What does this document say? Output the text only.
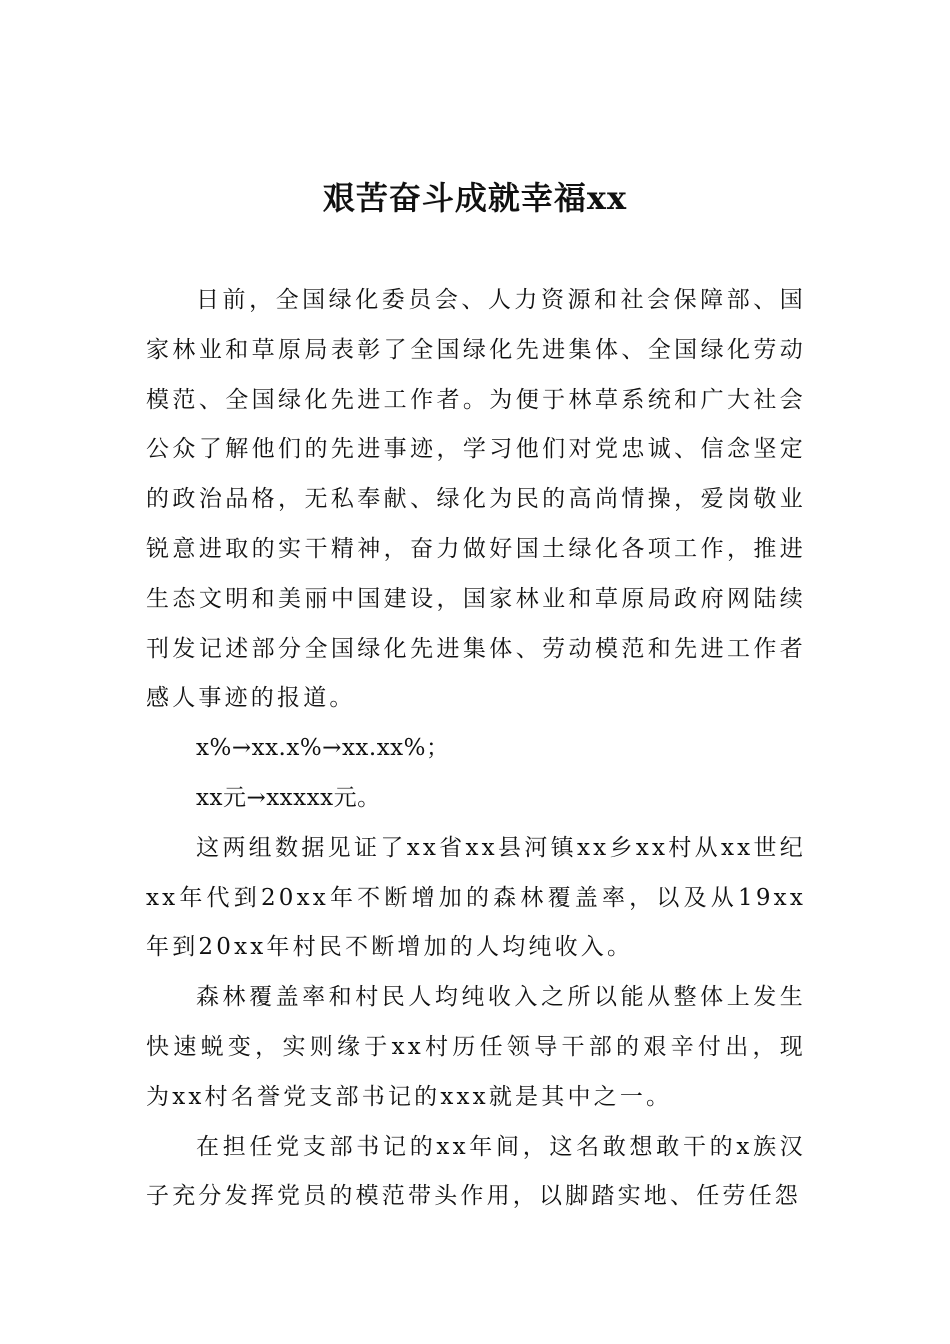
艰苦奋斗成就幸福xx

日前，全国绿化委员会、人力资源和社会保障部、国家林业和草原局表彰了全国绿化先进集体、全国绿化劳动模范、全国绿化先进工作者。为便于林草系统和广大社会公众了解他们的先进事迹，学习他们对党忠诚、信念坚定的政治品格，无私奉献、绿化为民的高尚情操，爱岗敬业锐意进取的实干精神，奋力做好国土绿化各项工作，推进生态文明和美丽中国建设，国家林业和草原局政府网陆续刊发记述部分全国绿化先进集体、劳动模范和先进工作者感人事迹的报道。

x%→xx.x%→xx.xx%；

xx元→xxxxx元。

这两组数据见证了xx省xx县河镇xx乡xx村从xx世纪xx年代到20xx年不断增加的森林覆盖率，以及从19xx年到20xx年村民不断增加的人均纯收入。

森林覆盖率和村民人均纯收入之所以能从整体上发生快速蜕变，实则缘于xx村历任领导干部的艰辛付出，现为xx村名誉党支部书记的xxx就是其中之一。

在担任党支部书记的xx年间，这名敢想敢干的x族汉子充分发挥党员的模范带头作用，以脚踏实地、任劳任怨
